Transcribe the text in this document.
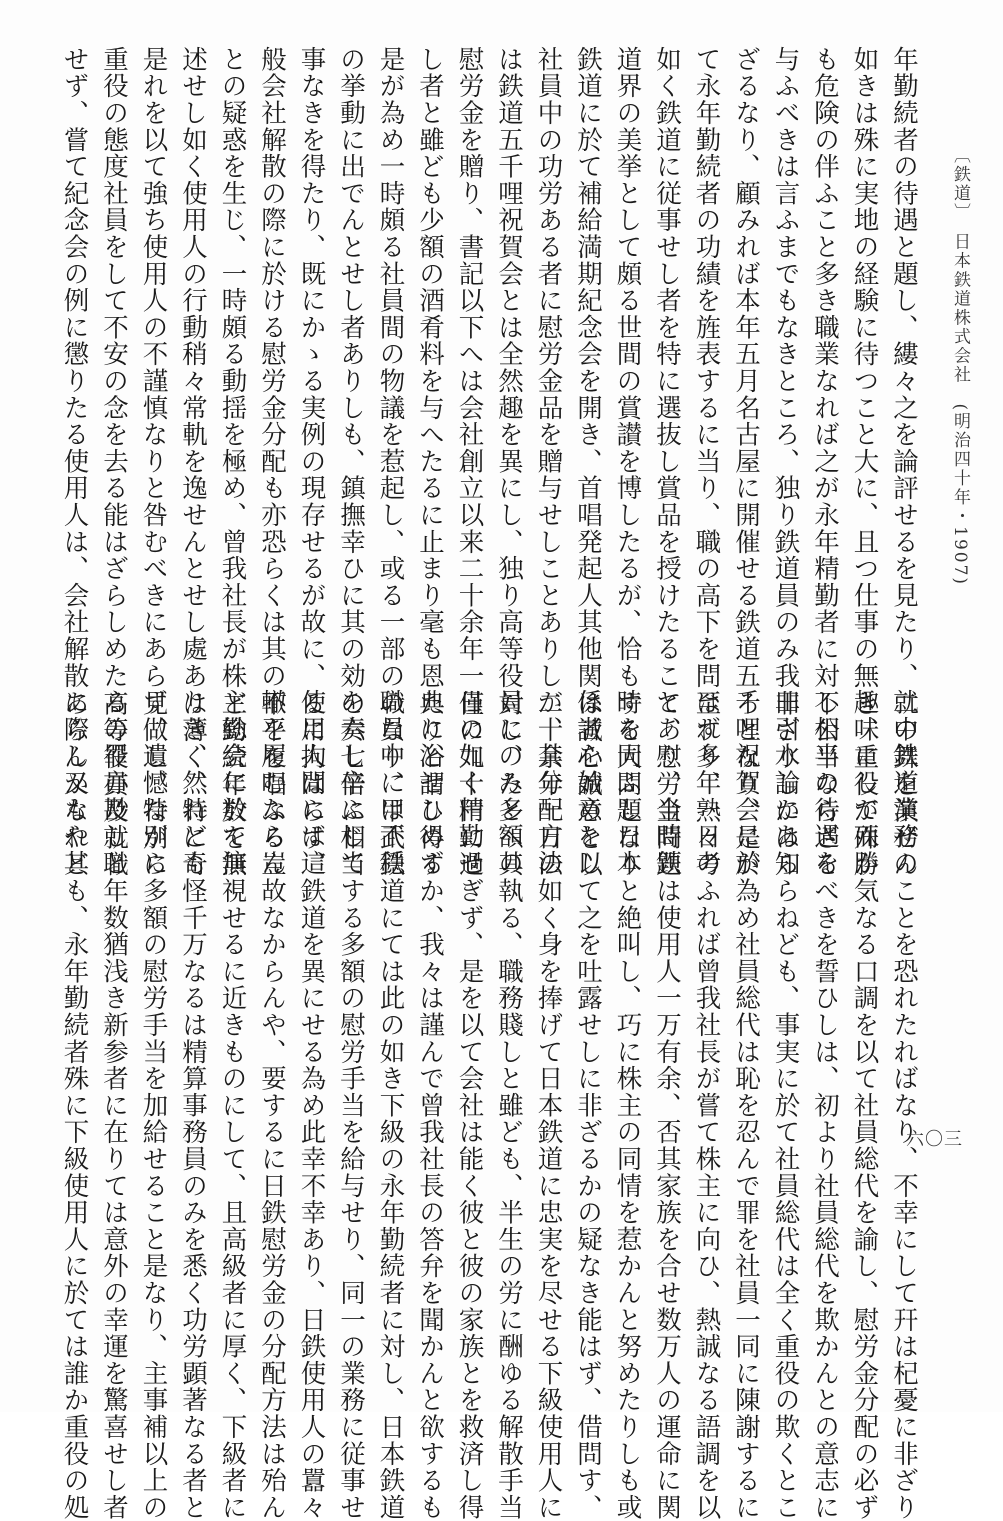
〔鉄道〕　日本鉄道株式会社　(明治四十年・1907)
年勤続者の待遇と題し、縷々之を論評せるを見たり、就中鉄道業務の
如きは殊に実地の経験に待つこと大に、且つ仕事の無趣味にして而か
も危険の伴ふこと多き職業なれば之が永年精勤者に対し相当の待遇を
与ふべきは言ふまでもなきところ、独り鉄道員のみ我田引水論にあら
ざるなり、顧みれば本年五月名古屋に開催せる鉄道五千哩祝賀会に於
て永年勤続者の功績を旌表するに当り、職の高下を問はず多年一日の
如く鉄道に従事せし者を特に選抜し賞品を授けたることあり、当時鉄
道界の美挙として頗る世間の賞讃を博したるが、恰も時を同ふし日本
鉄道に於て補給満期紀念会を開き、首唱発起人其他関係者を始めとし
社員中の功労ある者に慰労金品を贈与せしことありしが、其分配方法
は鉄道五千哩祝賀会とは全然趣を異にし、独り高等役員にのみ多額の
慰労金を贈り、書記以下へは会社創立以来二十余年一日の如く精勤せ
し者と雖ども少額の酒肴料を与へたるに止まり毫も恩典に浴せしめず
是が為め一時頗る社員間の物議を惹起し、或る一部の職員中には不穏
の挙動に出でんとせし者ありしも、鎮撫幸ひに其の効を奏し辛ふじて
事なきを得たり、既にかゝる実例の現存せるが故に、使用人間には這
般会社解散の際に於ける慰労金分配も亦恐らくは其の轍を履むならん
との疑惑を生じ、一時頗る動揺を極め、曾我社長が株主総会に於て演
述せし如く使用人の行動稍々常軌を逸せんとせし處ありき、然れども
是れを以て強ち使用人の不謹慎なりと咎むべきにあらず、遺憾ながら
重役の態度社員をして不安の念を去る能はざらしめたるの罪亦尠しと
せず、嘗て紀念会の例に懲りたる使用人は、会社解散に際し又もや其
二の舞を演ぜんことを恐れたればなり、不幸にして幵は杞憂に非ざり
き、重役が殊勝気なる口調を以て社員総代を諭し、慰労金分配の必ず
不公平ならざるべきを誓ひしは、初より社員総代を欺かんとの意志に
非ざりしかは知らねども、事実に於て社員総代は全く重役の欺くとこ
ろとなり、是が為め社員総代は恥を忍んで罪を社員一同に陳謝するに
至れり、熟々考ふれば曾我社長が嘗て株主に向ひ、熱誠なる語調を以
て、慰労金問題は使用人一万有余、否其家族を合せ数万人の運命に関
する大問題なりと絶叫し、巧に株主の同情を惹かんと努めたりしも或
は誠心誠意を以て之を吐露せしに非ざるかの疑なき能はず、借問す、
二十余年一日の如く身を捧げて日本鉄道に忠実を尽せる下級使用人に
対し、たとへ其執る、職務賤しと雖ども、半生の労に酬ゆる解散手当
僅に九十円に過ぎず、是を以て会社は能く彼と彼の家族とを救済し得
たりと謂ひ得るか、我々は謹んで曾我社長の答弁を聞かんと欲するも
のなり、甲武鉄道にては此の如き下級の永年勤続者に対し、日本鉄道
の六七倍に相当する多額の慰労手当を給与せり、同一の業務に従事せ
るに拘はらず、鉄道を異にせる為め此幸不幸あり、日鉄使用人の囂々
不平を唱ふる豈故なからんや、要するに日鉄慰労金の分配方法は殆ん
ど勤続年数を無視せるに近きものにして、且高級者に厚く、下級者に
は薄く、特に奇怪千万なるは精算事務員のみを悉く功労顕著なる者と
見做し、特別に多額の慰労手当を加給せること是なり、主事補以上の
高等役員及就職年数猶浅き新参者に在りては意外の幸運を驚喜せし者
あらんかなれども、永年勤続者殊に下級使用人に於ては誰か重役の処	六〇三
